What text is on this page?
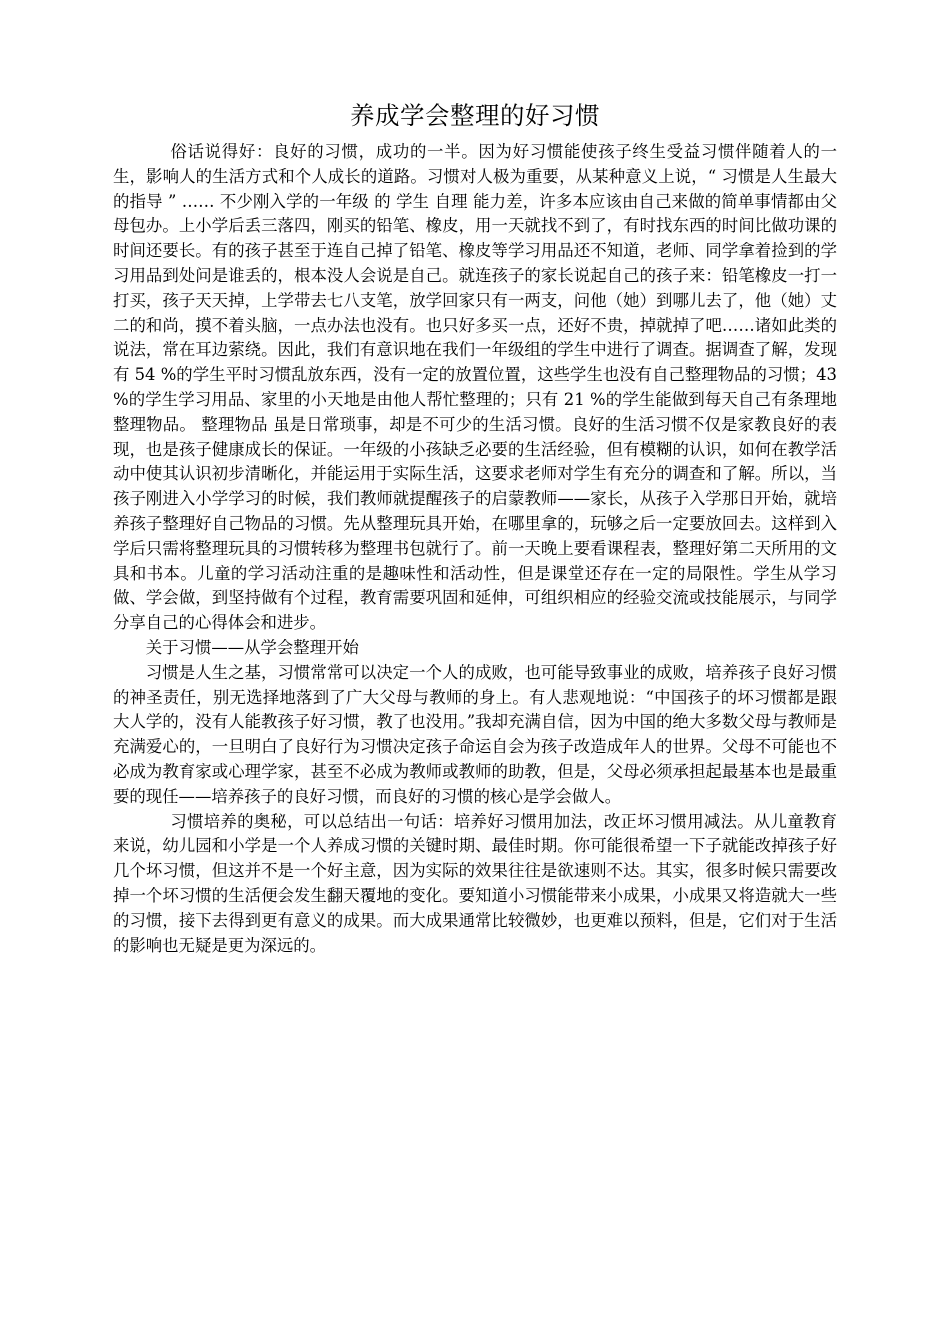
养成学会整理的好习惯

俗话说得好：良好的习惯，成功的一半。因为好习惯能使孩子终生受益习惯伴随着人的一生，影响人的生活方式和个人成长的道路。习惯对人极为重要，从某种意义上说，“ 习惯是人生最大的指导 ” …… 不少刚入学的一年级 的 学生 自理 能力差，许多本应该由自己来做的简单事情都由父母包办。上小学后丢三落四，刚买的铅笔、橡皮，用一天就找不到了，有时找东西的时间比做功课的时间还要长。有的孩子甚至于连自己掉了铅笔、橡皮等学习用品还不知道，老师、同学拿着捡到的学习用品到处问是谁丢的，根本没人会说是自己。就连孩子的家长说起自己的孩子来：铅笔橡皮一打一打买，孩子天天掉，上学带去七八支笔，放学回家只有一两支，问他（她）到哪儿去了，他（她）丈二的和尚，摸不着头脑，一点办法也没有。也只好多买一点，还好不贵，掉就掉了吧……诸如此类的说法，常在耳边萦绕。因此，我们有意识地在我们一年级组的学生中进行了调查。据调查了解，发现 有 54 %的学生平时习惯乱放东西，没有一定的放置位置，这些学生也没有自己整理物品的习惯；43 %的学生学习用品、家里的小天地是由他人帮忙整理的；只有 21 %的学生能做到每天自己有条理地整理物品。 整理物品 虽是日常琐事，却是不可少的生活习惯。良好的生活习惯不仅是家教良好的表现，也是孩子健康成长的保证。一年级的小孩缺乏必要的生活经验，但有模糊的认识，如何在教学活动中使其认识初步清晰化，并能运用于实际生活，这要求老师对学生有充分的调查和了解。所以，当孩子刚进入小学学习的时候，我们教师就提醒孩子的启蒙教师——家长，从孩子入学那日开始，就培养孩子整理好自己物品的习惯。先从整理玩具开始，在哪里拿的，玩够之后一定要放回去。这样到入学后只需将整理玩具的习惯转移为整理书包就行了。前一天晚上要看课程表，整理好第二天所用的文具和书本。儿童的学习活动注重的是趣味性和活动性，但是课堂还存在一定的局限性。学生从学习做、学会做，到坚持做有个过程，教育需要巩固和延伸，可组织相应的经验交流或技能展示，与同学分享自己的心得体会和进步。

关于习惯——从学会整理开始

习惯是人生之基，习惯常常可以决定一个人的成败，也可能导致事业的成败，培养孩子良好习惯的神圣责任，别无选择地落到了广大父母与教师的身上。有人悲观地说：“中国孩子的坏习惯都是跟大人学的，没有人能教孩子好习惯，教了也没用。”我却充满自信，因为中国的绝大多数父母与教师是充满爱心的，一旦明白了良好行为习惯决定孩子命运自会为孩子改造成年人的世界。父母不可能也不必成为教育家或心理学家，甚至不必成为教师或教师的助教，但是，父母必须承担起最基本也是最重要的现任——培养孩子的良好习惯，而良好的习惯的核心是学会做人。

习惯培养的奥秘，可以总结出一句话：培养好习惯用加法，改正坏习惯用减法。从儿童教育来说，幼儿园和小学是一个人养成习惯的关键时期、最佳时期。你可能很希望一下子就能改掉孩子好几个坏习惯，但这并不是一个好主意，因为实际的效果往往是欲速则不达。其实，很多时候只需要改掉一个坏习惯的生活便会发生翻天覆地的变化。要知道小习惯能带来小成果，小成果又将造就大一些的习惯，接下去得到更有意义的成果。而大成果通常比较微妙，也更难以预料，但是，它们对于生活的影响也无疑是更为深远的。
